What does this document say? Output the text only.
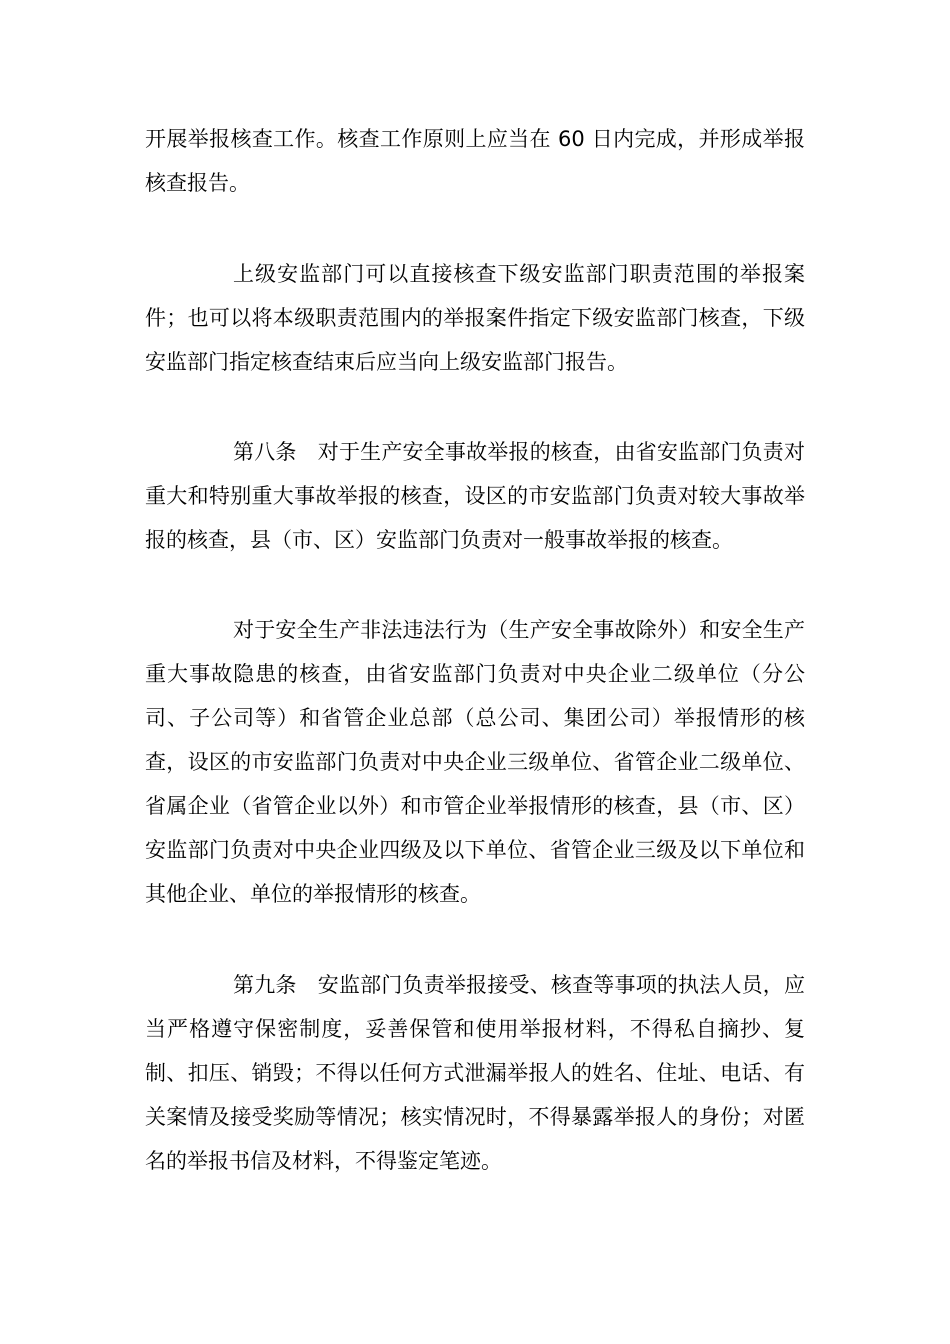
开展举报核查工作。核查工作原则上应当在 60 日内完成，并形成举报核查报告。

上级安监部门可以直接核查下级安监部门职责范围的举报案件；也可以将本级职责范围内的举报案件指定下级安监部门核查，下级安监部门指定核查结束后应当向上级安监部门报告。

第八条　对于生产安全事故举报的核查，由省安监部门负责对重大和特别重大事故举报的核查，设区的市安监部门负责对较大事故举报的核查，县（市、区）安监部门负责对一般事故举报的核查。

对于安全生产非法违法行为（生产安全事故除外）和安全生产重大事故隐患的核查，由省安监部门负责对中央企业二级单位（分公司、子公司等）和省管企业总部（总公司、集团公司）举报情形的核查，设区的市安监部门负责对中央企业三级单位、省管企业二级单位、省属企业（省管企业以外）和市管企业举报情形的核查，县（市、区）安监部门负责对中央企业四级及以下单位、省管企业三级及以下单位和其他企业、单位的举报情形的核查。

第九条　安监部门负责举报接受、核查等事项的执法人员，应当严格遵守保密制度，妥善保管和使用举报材料，不得私自摘抄、复制、扣压、销毁；不得以任何方式泄漏举报人的姓名、住址、电话、有关案情及接受奖励等情况；核实情况时，不得暴露举报人的身份；对匿名的举报书信及材料，不得鉴定笔迹。
